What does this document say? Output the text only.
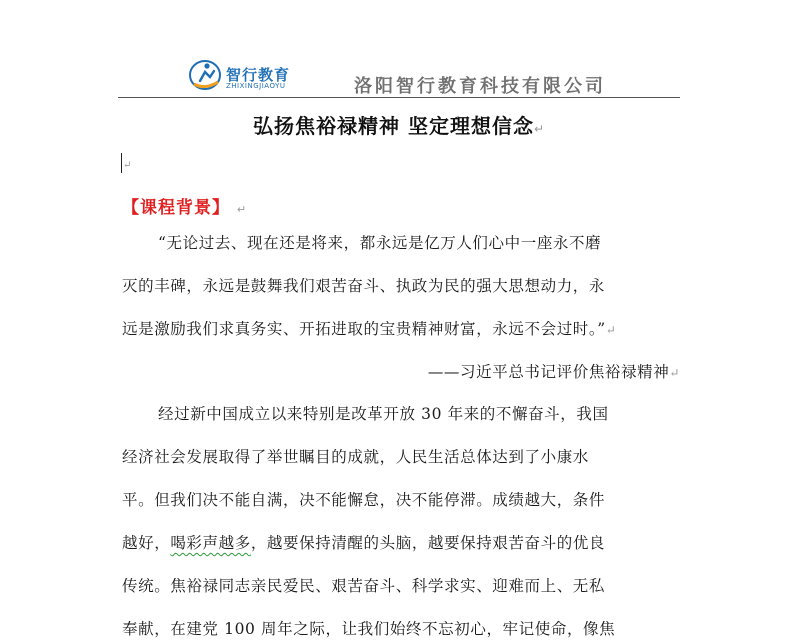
智行教育
ZHIXINGJIAOYU	洛阳智行教育科技有限公司
弘扬焦裕禄精神 坚定理想信念↵
↵
【课程背景】 ↵
“无论过去、现在还是将来，都永远是亿万人们心中一座永不磨
灭的丰碑，永远是鼓舞我们艰苦奋斗、执政为民的强大思想动力，永
远是激励我们求真务实、开拓进取的宝贵精神财富，永远不会过时。”↵
——习近平总书记评价焦裕禄精神↵
经过新中国成立以来特别是改革开放 30 年来的不懈奋斗，我国
经济社会发展取得了举世瞩目的成就，人民生活总体达到了小康水
平。但我们决不能自满，决不能懈怠，决不能停滞。成绩越大，条件
越好，喝彩声越多，越要保持清醒的头脑，越要保持艰苦奋斗的优良
传统。焦裕禄同志亲民爱民、艰苦奋斗、科学求实、迎难而上、无私
奉献，在建党 100 周年之际，让我们始终不忘初心，牢记使命，像焦
